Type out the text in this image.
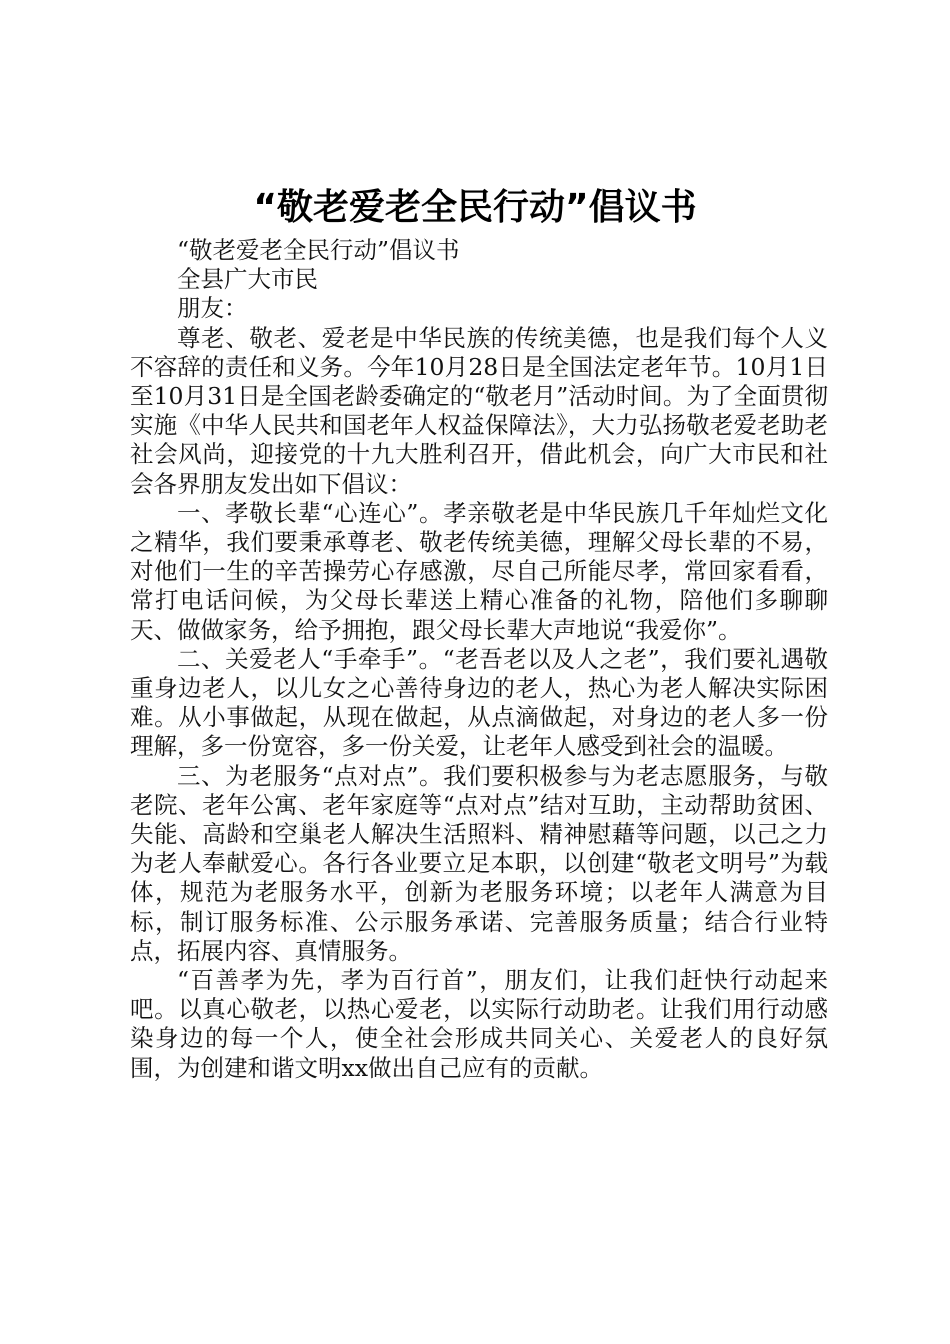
“敬老爱老全民行动”倡议书

“敬老爱老全民行动”倡议书

全县广大市民

朋友：

尊老、敬老、爱老是中华民族的传统美德，也是我们每个人义不容辞的责任和义务。今年10月28日是全国法定老年节。10月1日至10月31日是全国老龄委确定的“敬老月”活动时间。为了全面贯彻实施《中华人民共和国老年人权益保障法》，大力弘扬敬老爱老助老社会风尚，迎接党的十九大胜利召开，借此机会，向广大市民和社会各界朋友发出如下倡议：

一、孝敬长辈“心连心”。孝亲敬老是中华民族几千年灿烂文化之精华，我们要秉承尊老、敬老传统美德，理解父母长辈的不易，对他们一生的辛苦操劳心存感激，尽自己所能尽孝，常回家看看，常打电话问候，为父母长辈送上精心准备的礼物，陪他们多聊聊天、做做家务，给予拥抱，跟父母长辈大声地说“我爱你”。

二、关爱老人“手牵手”。“老吾老以及人之老”，我们要礼遇敬重身边老人，以儿女之心善待身边的老人，热心为老人解决实际困难。从小事做起，从现在做起，从点滴做起，对身边的老人多一份理解，多一份宽容，多一份关爱，让老年人感受到社会的温暖。

三、为老服务“点对点”。我们要积极参与为老志愿服务，与敬老院、老年公寓、老年家庭等“点对点”结对互助，主动帮助贫困、失能、高龄和空巢老人解决生活照料、精神慰藉等问题，以己之力为老人奉献爱心。各行各业要立足本职，以创建“敬老文明号”为载体，规范为老服务水平，创新为老服务环境；以老年人满意为目标，制订服务标准、公示服务承诺、完善服务质量；结合行业特点，拓展内容、真情服务。

“百善孝为先，孝为百行首”，朋友们，让我们赶快行动起来吧。以真心敬老，以热心爱老，以实际行动助老。让我们用行动感染身边的每一个人，使全社会形成共同关心、关爱老人的良好氛围，为创建和谐文明xx做出自己应有的贡献。
